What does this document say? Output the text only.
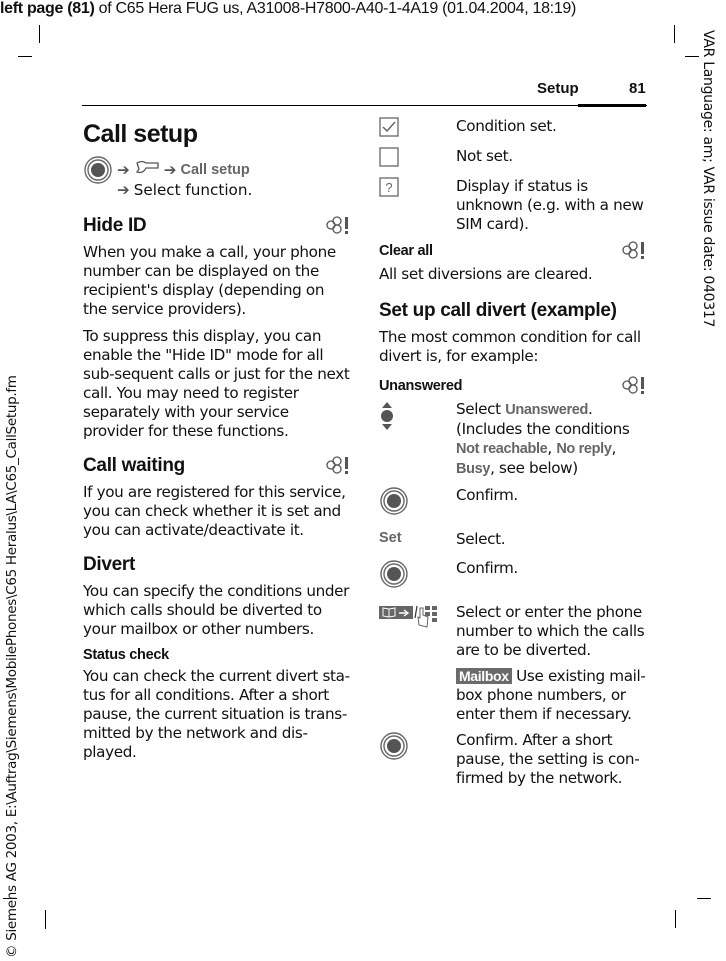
left page (81) of C65 Hera FUG us, A31008-H7800-A40-1-4A19 (01.04.2004, 18:19)
VAR Language: am; VAR issue date: 040317
© Siemens AG 2003, E:\Auftrag\Siemens\MobilePhones\C65 Heralus\LA\C65_CallSetup.fm
Setup	81
Call setup
➔ ➔ Call setup
➔ Select function.
Hide ID

When you make a call, your phone number can be displayed on the recipient's display (depending on the service providers).

To suppress this display, you can enable the "Hide ID" mode for all sub-sequent calls or just for the next call. You may need to register separately with your service provider for these functions.

Call waiting

If you are registered for this service, you can check whether it is set and you can activate/deactivate it.

Divert

You can specify the conditions under which calls should be diverted to your mailbox or other numbers.

Status check

You can check the current divert sta-tus for all conditions. After a short pause, the current situation is trans-mitted by the network and dis-played.

Condition set.
Not set.
?	Display if status is unknown (e.g. with a new SIM card).
Clear all

All set diversions are cleared.

Set up call divert (example)

The most common condition for call divert is, for example:

Unanswered
Select Unanswered. (Includes the conditions Not reachable, No reply, Busy, see below)
Confirm.
Set	Select.
Confirm.
Select or enter the phone number to which the calls are to be diverted.
Mailbox Use existing mail-box phone numbers, or enter them if necessary.
Confirm. After a short pause, the setting is con-firmed by the network.
